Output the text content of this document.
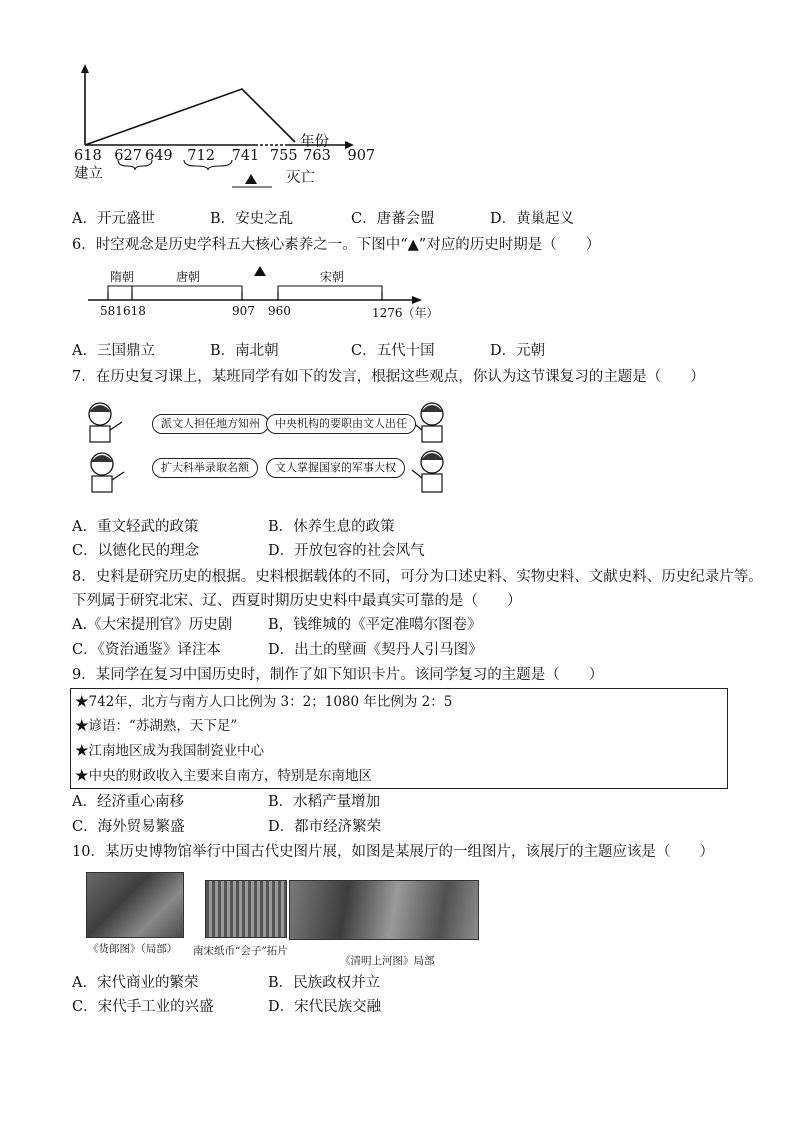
618 627 649 712 741 755 763 907
年份
建立	灭亡
A．开元盛世	B．安史之乱	C．唐蕃会盟	D．黄巢起义
6．时空观念是历史学科五大核心素养之一。下图中“▲”对应的历史时期是（　　）
隋朝	唐朝	宋朝
581 618	907 960	1276（年）
A．三国鼎立	B．南北朝	C．五代十国	D．元朝
7．在历史复习课上，某班同学有如下的发言，根据这些观点，你认为这节课复习的主题是（　　）
派文人担任地方知州	中央机构的要职由文人出任
扩大科举录取名额	文人掌握国家的军事大权
A．重文轻武的政策	B．休养生息的政策
C．以德化民的理念	D．开放包容的社会风气
8．史料是研究历史的根据。史料根据载体的不同，可分为口述史料、实物史料、文献史料、历史纪录片等。
下列属于研究北宋、辽、西夏时期历史史料中最真实可靠的是（　　）
A.《大宋提刑官》历史剧 B，钱维城的《平定准噶尔图卷》
C．《资治通鉴》译注本	D．出土的壁画《契丹人引马图》
9．某同学在复习中国历史时，制作了如下知识卡片。该同学复习的主题是（　　）
★742年，北方与南方人口比例为 3：2；1080 年比例为 2：5
★谚语：“苏湖熟，天下足”
★江南地区成为我国制瓷业中心
★中央的财政收入主要来自南方，特别是东南地区
A．经济重心南移	B．水稻产量增加
C．海外贸易繁盛	D．都市经济繁荣
10．某历史博物馆举行中国古代史图片展，如图是某展厅的一组图片，该展厅的主题应该是（　　）
《货郎图》（局部） 南宋纸币“会子”拓片
《清明上河图》局部
A．宋代商业的繁荣	B．民族政权并立
C．宋代手工业的兴盛	D．宋代民族交融
